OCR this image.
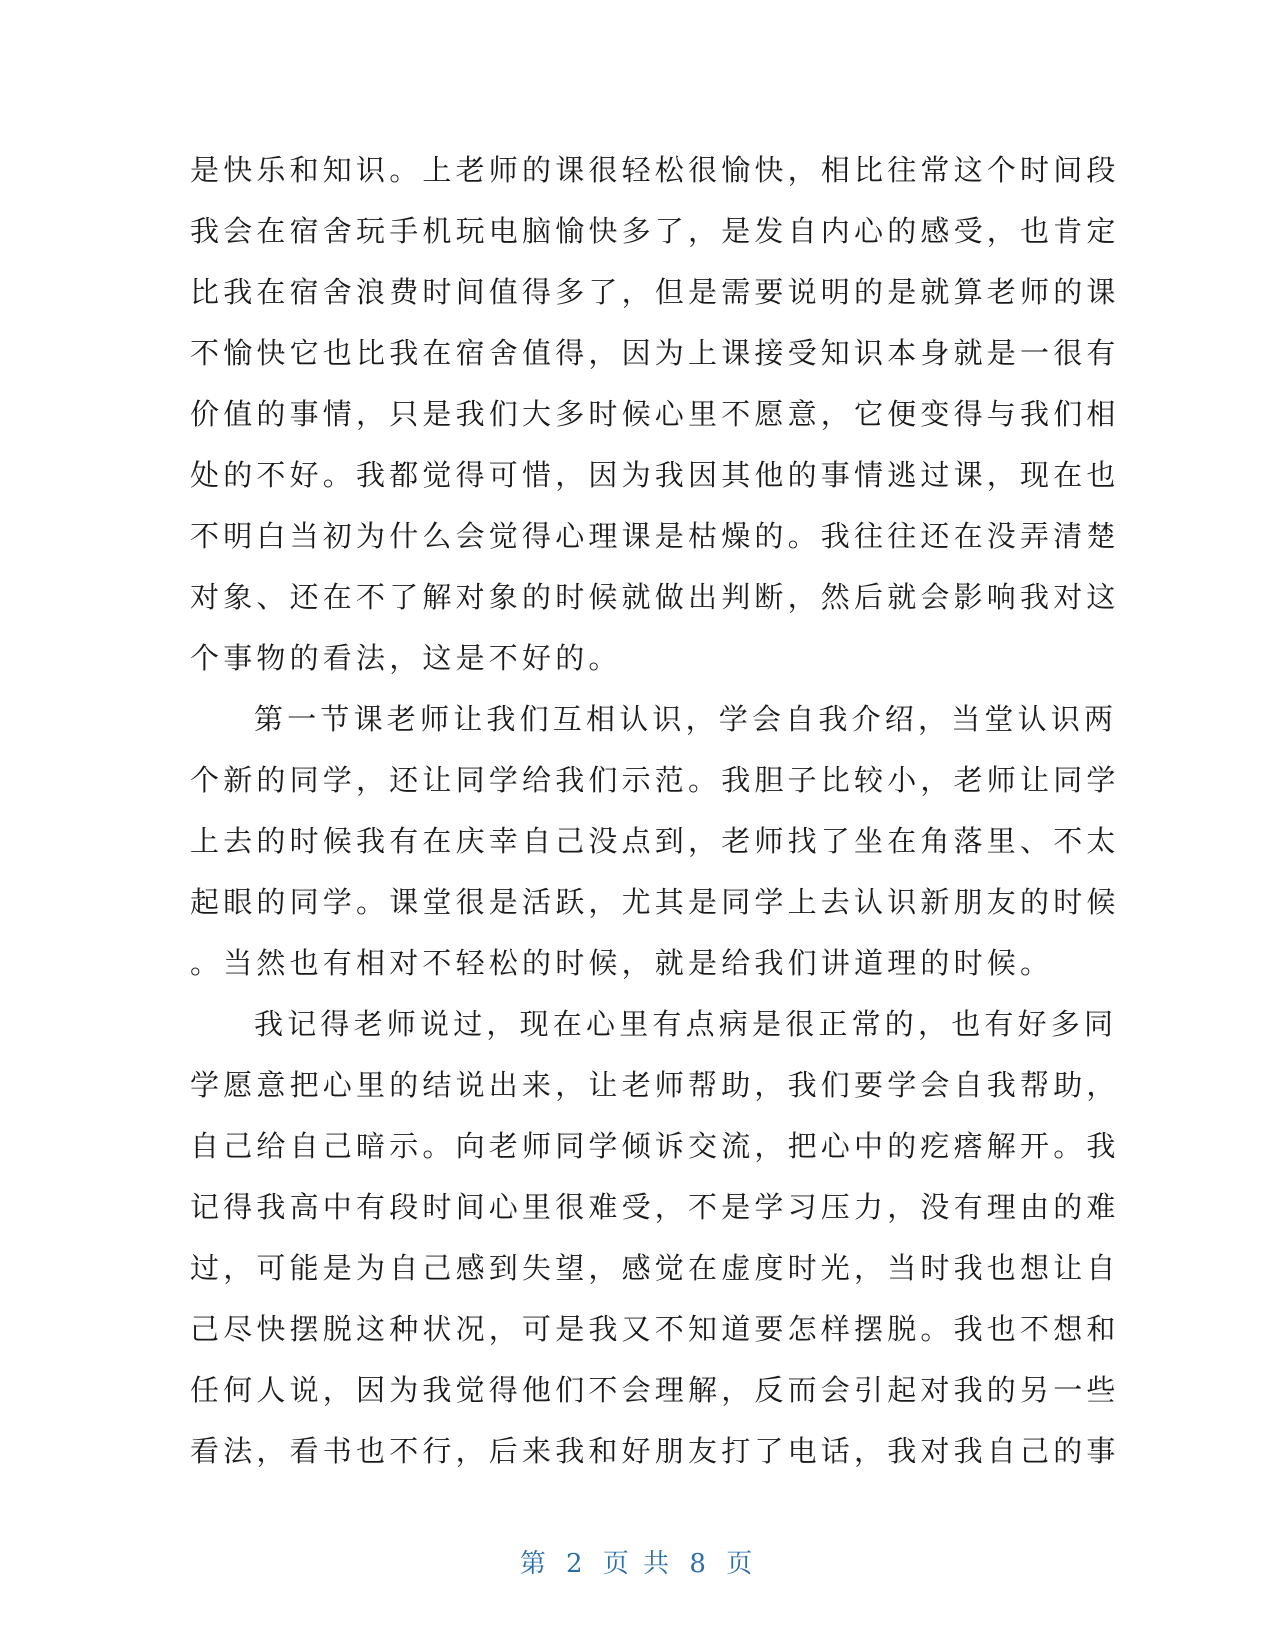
是快乐和知识。上老师的课很轻松很愉快，相比往常这个时间段
我会在宿舍玩手机玩电脑愉快多了，是发自内心的感受，也肯定
比我在宿舍浪费时间值得多了，但是需要说明的是就算老师的课
不愉快它也比我在宿舍值得，因为上课接受知识本身就是一很有
价值的事情，只是我们大多时候心里不愿意，它便变得与我们相
处的不好。我都觉得可惜，因为我因其他的事情逃过课，现在也
不明白当初为什么会觉得心理课是枯燥的。我往往还在没弄清楚
对象、还在不了解对象的时候就做出判断，然后就会影响我对这
个事物的看法，这是不好的。
第一节课老师让我们互相认识，学会自我介绍，当堂认识两
个新的同学，还让同学给我们示范。我胆子比较小，老师让同学
上去的时候我有在庆幸自己没点到，老师找了坐在角落里、不太
起眼的同学。课堂很是活跃，尤其是同学上去认识新朋友的时候
。当然也有相对不轻松的时候，就是给我们讲道理的时候。
我记得老师说过，现在心里有点病是很正常的，也有好多同
学愿意把心里的结说出来，让老师帮助，我们要学会自我帮助，
自己给自己暗示。向老师同学倾诉交流，把心中的疙瘩解开。我
记得我高中有段时间心里很难受，不是学习压力，没有理由的难
过，可能是为自己感到失望，感觉在虚度时光，当时我也想让自
己尽快摆脱这种状况，可是我又不知道要怎样摆脱。我也不想和
任何人说，因为我觉得他们不会理解，反而会引起对我的另一些
看法，看书也不行，后来我和好朋友打了电话，我对我自己的事
第 2 页 共 8 页
